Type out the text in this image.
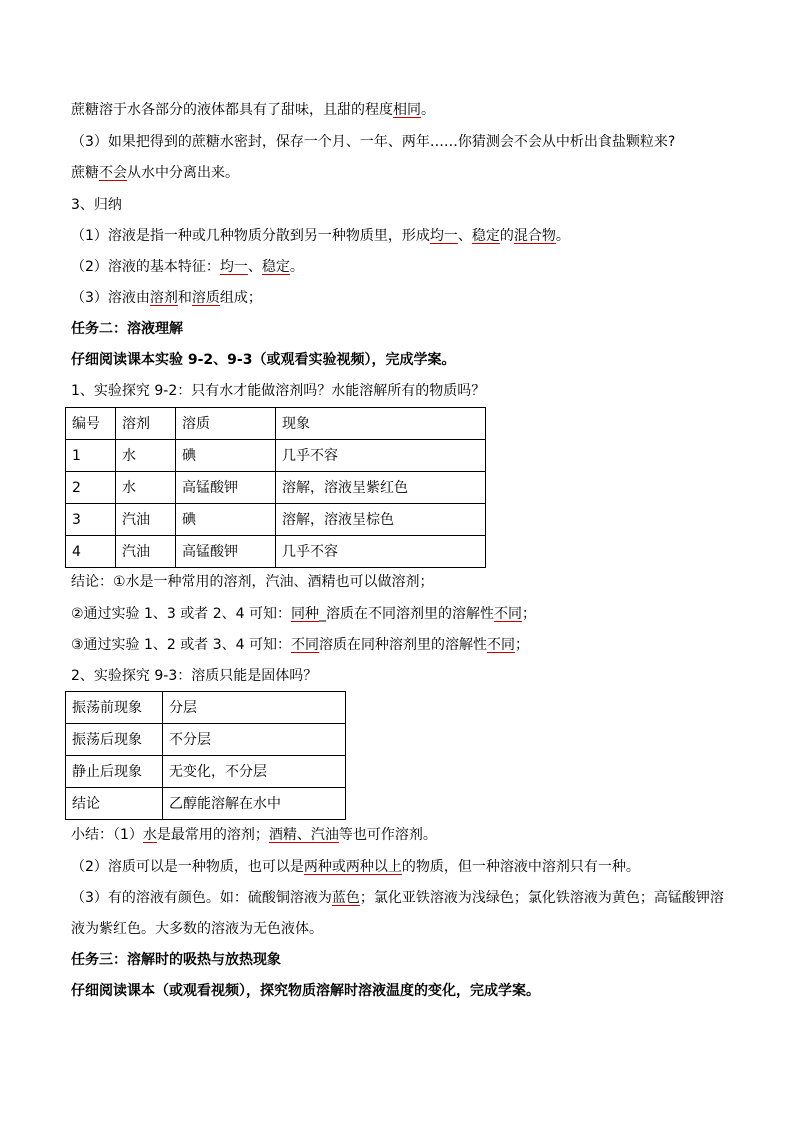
蔗糖溶于水各部分的液体都具有了甜味，且甜的程度相同。
（3）如果把得到的蔗糖水密封，保存一个月、一年、两年……你猜测会不会从中析出食盐颗粒来?
蔗糖不会从水中分离出来。
3、归纳
（1）溶液是指一种或几种物质分散到另一种物质里，形成均一、稳定的混合物。
（2）溶液的基本特征：均一、稳定。
（3）溶液由溶剂和溶质组成；
任务二：溶液理解
仔细阅读课本实验 9-2、9-3（或观看实验视频），完成学案。
1、实验探究 9-2：只有水才能做溶剂吗？水能溶解所有的物质吗？
编号	溶剂	溶质	现象
1	水	碘	几乎不容
2	水	高锰酸钾	溶解，溶液呈紫红色
3	汽油	碘	溶解，溶液呈棕色
4	汽油	高锰酸钾	几乎不容
结论：①水是一种常用的溶剂，汽油、酒精也可以做溶剂；
②通过实验 1、3 或者 2、4 可知：同种_溶质在不同溶剂里的溶解性不同；
③通过实验 1、2 或者 3、4 可知：不同溶质在同种溶剂里的溶解性不同；
2、实验探究 9-3：溶质只能是固体吗？
振荡前现象	分层
振荡后现象	不分层
静止后现象	无变化，不分层
结论	乙醇能溶解在水中
小结：（1）水是最常用的溶剂；酒精、汽油等也可作溶剂。
（2）溶质可以是一种物质，也可以是两种或两种以上的物质，但一种溶液中溶剂只有一种。
（3）有的溶液有颜色。如：硫酸铜溶液为蓝色；氯化亚铁溶液为浅绿色；氯化铁溶液为黄色；高锰酸钾溶
液为紫红色。大多数的溶液为无色液体。
任务三：溶解时的吸热与放热现象
仔细阅读课本（或观看视频），探究物质溶解时溶液温度的变化，完成学案。
